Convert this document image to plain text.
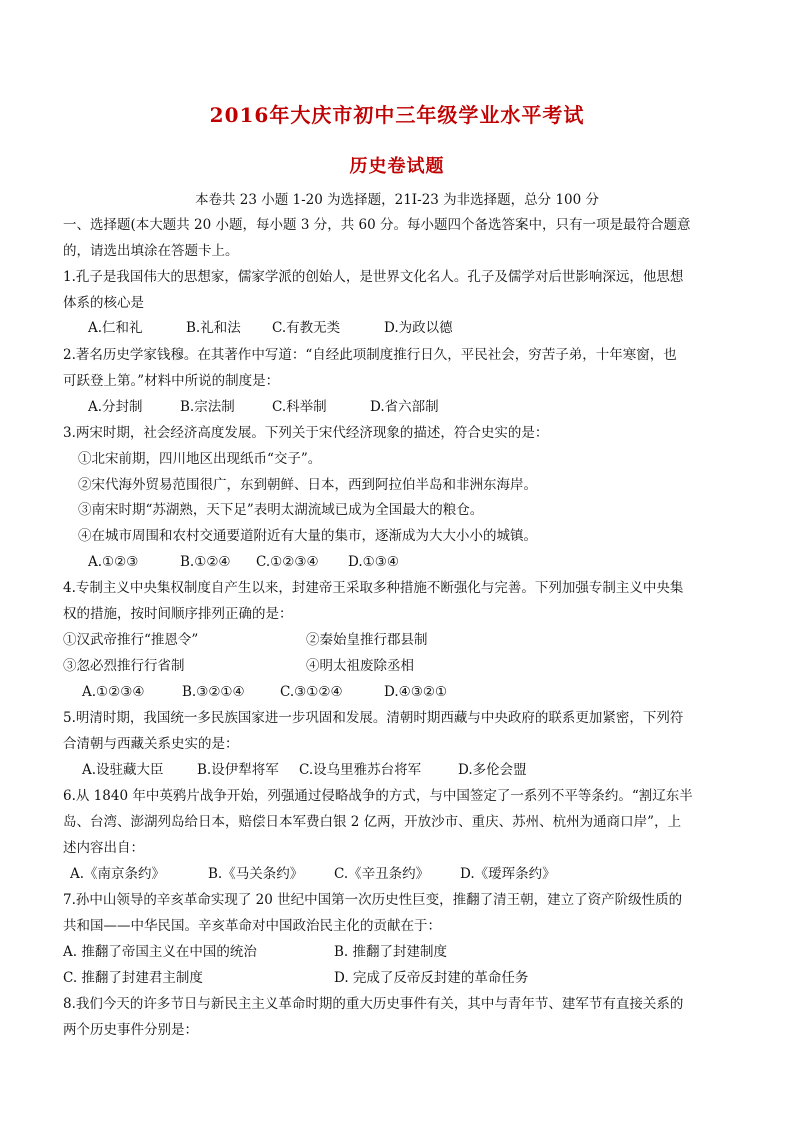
2016年大庆市初中三年级学业水平考试
历史卷试题
本卷共 23 小题 1-20 为选择题，21I-23 为非选择题，总分 100 分
一、选择题(本大题共 20 小题，每小题 3 分，共 60 分。每小题四个备选答案中，只有一项是最符合题意
的，请选出填涂在答题卡上。
1.孔子是我国伟大的思想家，儒家学派的创始人，是世界文化名人。孔子及儒学对后世影响深远，他思想
体系的核心是
A.仁和礼	B.礼和法 C.有教无类	D.为政以德
2.著名历史学家钱穆。在其著作中写道：“自经此项制度推行日久，平民社会，穷苦子弟，十年寒窗，也
可跃登上第。”材料中所说的制度是：
A.分封制	B.宗法制	C.科举制	D.省六部制
3.两宋时期，社会经济高度发展。下列关于宋代经济现象的描述，符合史实的是：
①北宋前期，四川地区出现纸币“交子”。
②宋代海外贸易范围很广，东到朝鲜、日本，西到阿拉伯半岛和非洲东海岸。
③南宋时期“苏湖熟，天下足”表明太湖流域已成为全国最大的粮仓。
④在城市周围和农村交通要道附近有大量的集市，逐渐成为大大小小的城镇。
A.①②③	B.①②④ C.①②③④ D.①③④
4.专制主义中央集权制度自产生以来，封建帝王采取多种措施不断强化与完善。下列加强专制主义中央集
权的措施，按时间顺序排列正确的是：
①汉武帝推行“推恩令”	②秦始皇推行郡县制
③忽必烈推行行省制	④明太祖废除丞相
A.①②③④	B.③②①④	C.③①②④	D.④③②①
5.明清时期，我国统一多民族国家进一步巩固和发展。清朝时期西藏与中央政府的联系更加紧密，下列符
合清朝与西藏关系史实的是：
A.设驻藏大臣 B.设伊犁将军 C.设乌里雅苏台将军	D.多伦会盟
6.从 1840 年中英鸦片战争开始，列强通过侵略战争的方式，与中国签定了一系列不平等条约。“割辽东半
岛、台湾、澎湖列岛给日本，赔偿日本军费白银 2 亿两，开放沙市、重庆、苏州、杭州为通商口岸”，上
述内容出自：
A.《南京条约》	B.《马关条约》 C.《辛丑条约》 D.《瑷珲条约》
7.孙中山领导的辛亥革命实现了 20 世纪中国第一次历史性巨变，推翻了清王朝，建立了资产阶级性质的
共和国——中华民国。辛亥革命对中国政治民主化的贡献在于：
A. 推翻了帝国主义在中国的统治	B. 推翻了封建制度
C. 推翻了封建君主制度	D. 完成了反帝反封建的革命任务
8.我们今天的许多节日与新民主主义革命时期的重大历史事件有关，其中与青年节、建军节有直接关系的
两个历史事件分别是：
